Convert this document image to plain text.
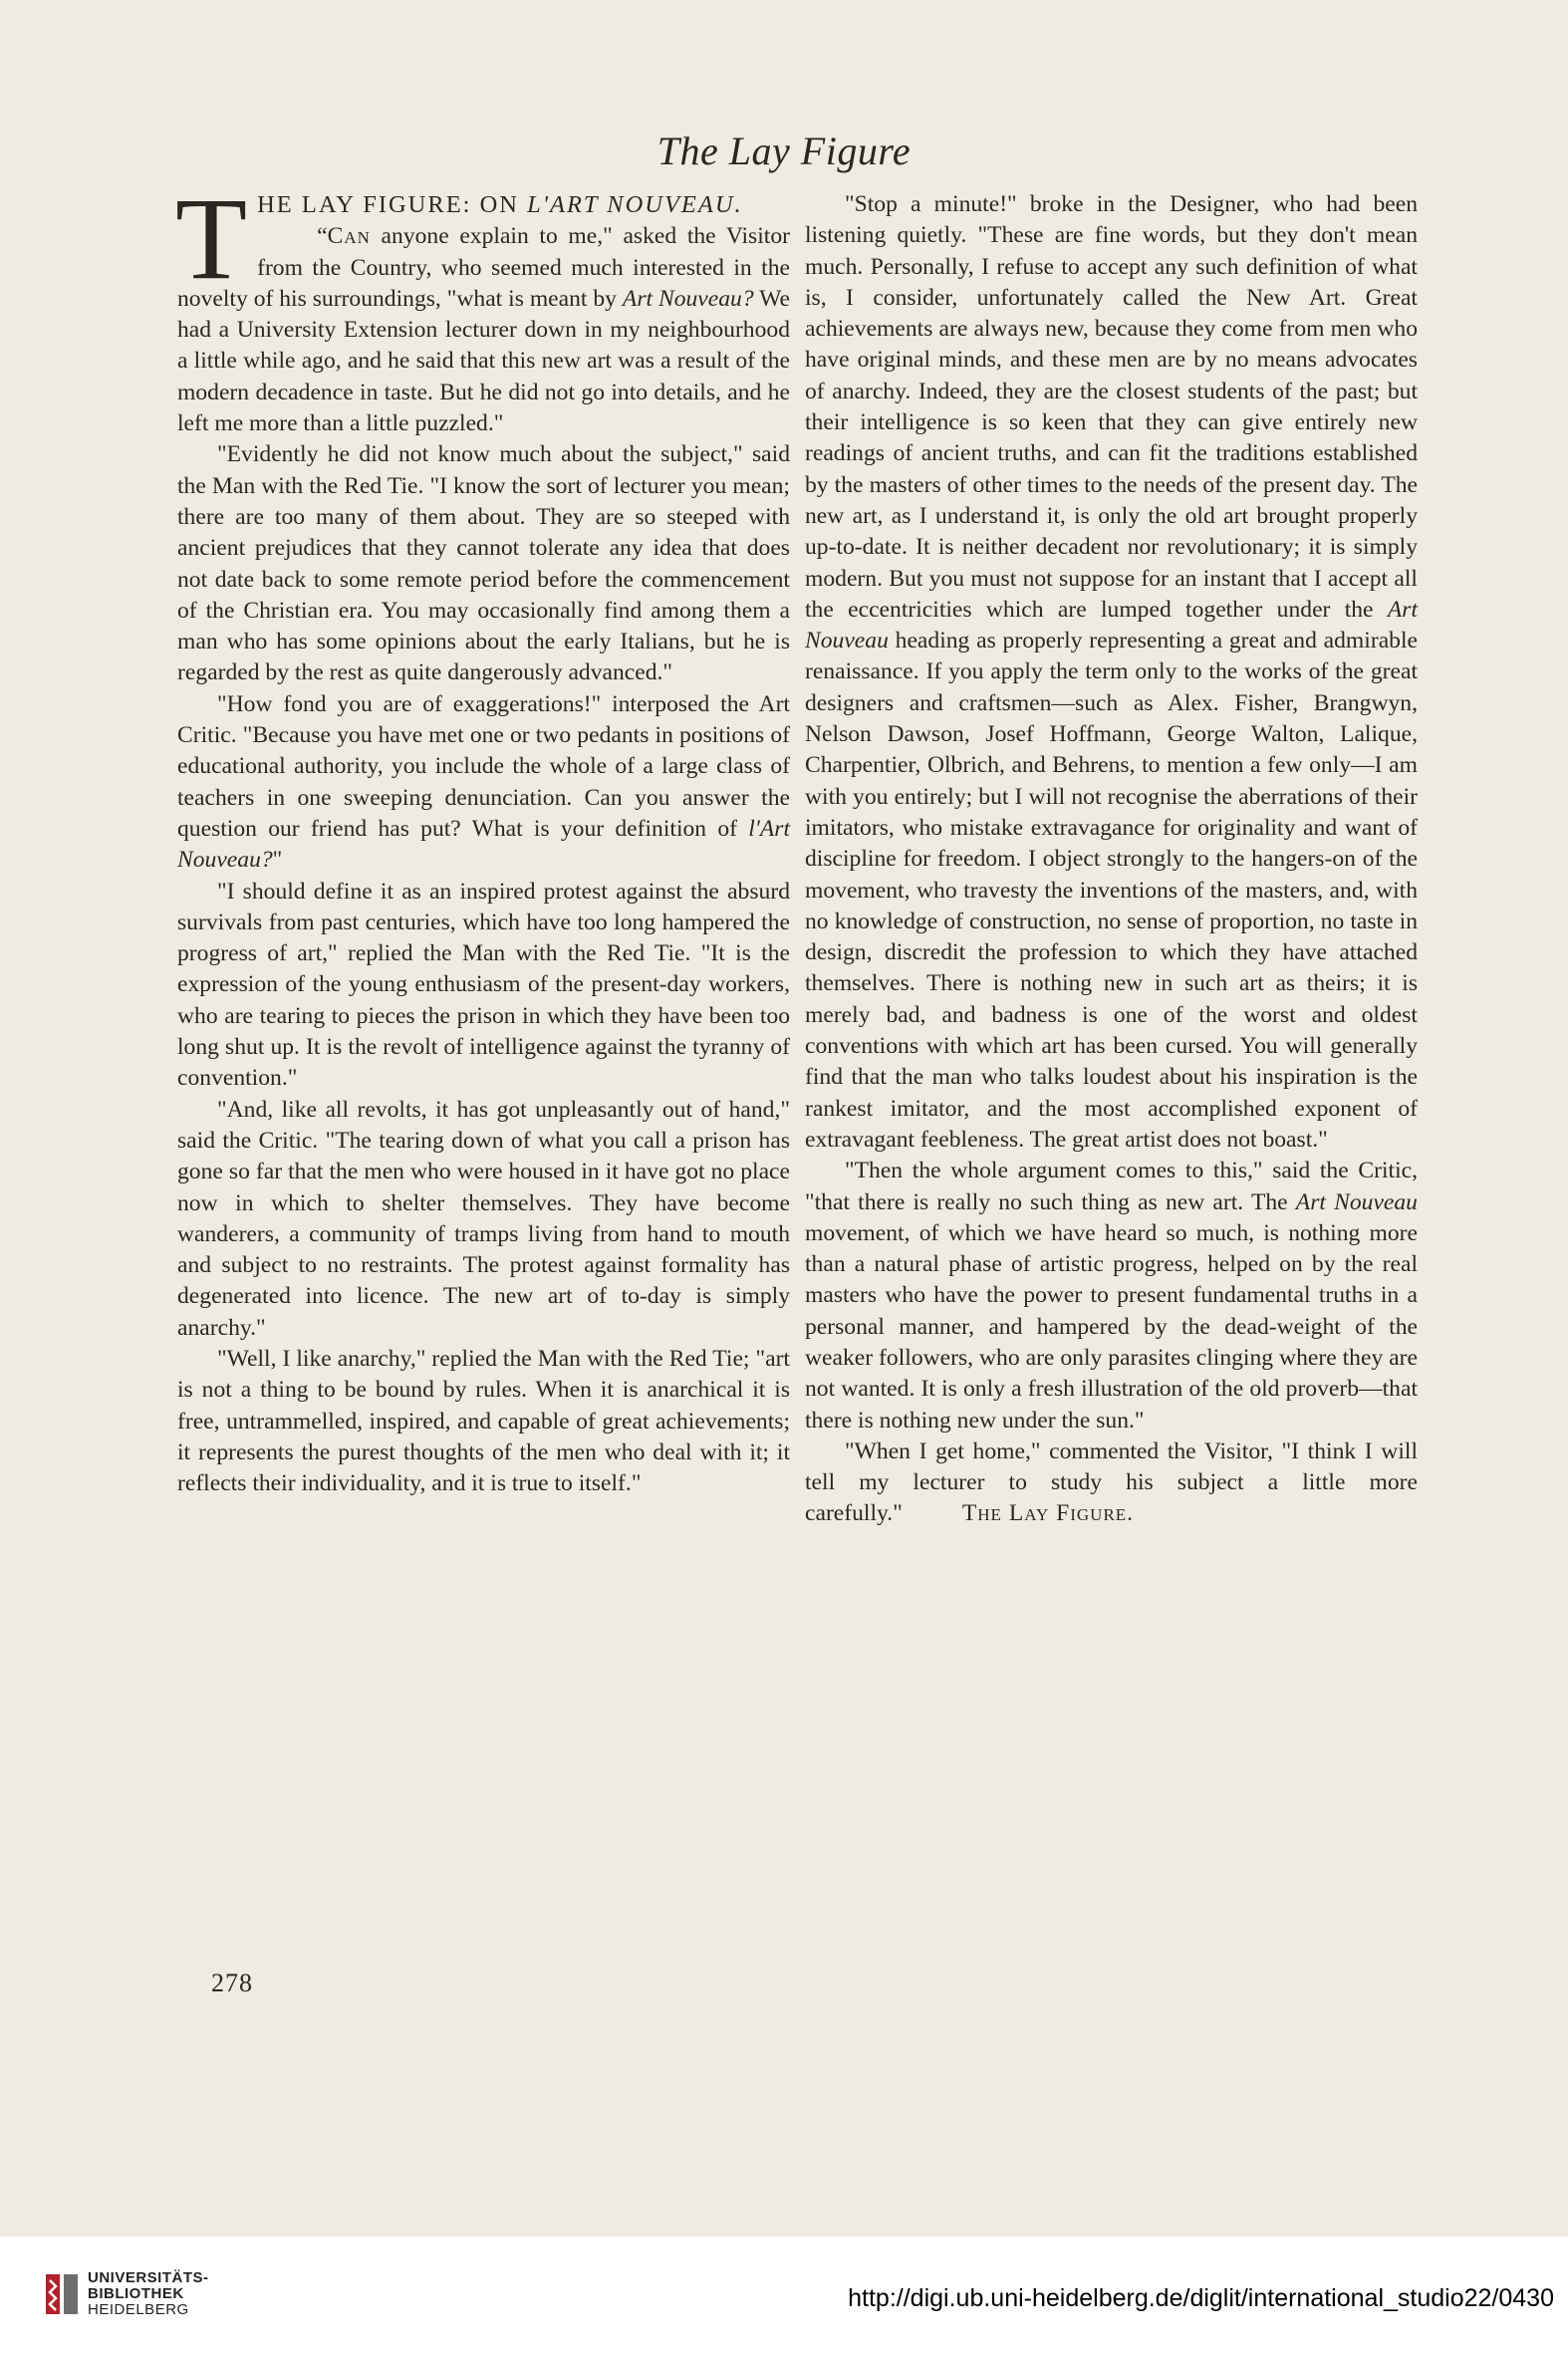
The Lay Figure

THE LAY FIGURE: ON L'ART NOUVEAU.

“Can anyone explain to me," asked the Visitor from the Country, who seemed much interested in the novelty of his surroundings, "what is meant by Art Nouveau? We had a University Extension lecturer down in my neighbourhood a little while ago, and he said that this new art was a result of the modern decadence in taste. But he did not go into details, and he left me more than a little puzzled."

"Evidently he did not know much about the subject," said the Man with the Red Tie. "I know the sort of lecturer you mean; there are too many of them about. They are so steeped with ancient prejudices that they cannot tolerate any idea that does not date back to some remote period before the commencement of the Christian era. You may occasionally find among them a man who has some opinions about the early Italians, but he is regarded by the rest as quite dangerously advanced."

"How fond you are of exaggerations!" interposed the Art Critic. "Because you have met one or two pedants in positions of educational authority, you include the whole of a large class of teachers in one sweeping denunciation. Can you answer the question our friend has put? What is your definition of l'Art Nouveau?"

"I should define it as an inspired protest against the absurd survivals from past centuries, which have too long hampered the progress of art," replied the Man with the Red Tie. "It is the expression of the young enthusiasm of the present-day workers, who are tearing to pieces the prison in which they have been too long shut up. It is the revolt of intelligence against the tyranny of convention."

"And, like all revolts, it has got unpleasantly out of hand," said the Critic. "The tearing down of what you call a prison has gone so far that the men who were housed in it have got no place now in which to shelter themselves. They have become wanderers, a community of tramps living from hand to mouth and subject to no restraints. The protest against formality has degenerated into licence. The new art of to-day is simply anarchy."

"Well, I like anarchy," replied the Man with the Red Tie; "art is not a thing to be bound by rules. When it is anarchical it is free, untrammelled, inspired, and capable of great achievements; it represents the purest thoughts of the men who deal with it; it reflects their individuality, and it is true to itself."

"Stop a minute!" broke in the Designer, who had been listening quietly. "These are fine words, but they don't mean much. Personally, I refuse to accept any such definition of what is, I consider, unfortunately called the New Art. Great achievements are always new, because they come from men who have original minds, and these men are by no means advocates of anarchy. Indeed, they are the closest students of the past; but their intelligence is so keen that they can give entirely new readings of ancient truths, and can fit the traditions established by the masters of other times to the needs of the present day. The new art, as I understand it, is only the old art brought properly up-to-date. It is neither decadent nor revolutionary; it is simply modern. But you must not suppose for an instant that I accept all the eccentricities which are lumped together under the Art Nouveau heading as properly representing a great and admirable renaissance. If you apply the term only to the works of the great designers and craftsmen—such as Alex. Fisher, Brangwyn, Nelson Dawson, Josef Hoffmann, George Walton, Lalique, Charpentier, Olbrich, and Behrens, to mention a few only—I am with you entirely; but I will not recognise the aberrations of their imitators, who mistake extravagance for originality and want of discipline for freedom. I object strongly to the hangers-on of the movement, who travesty the inventions of the masters, and, with no knowledge of construction, no sense of proportion, no taste in design, discredit the profession to which they have attached themselves. There is nothing new in such art as theirs; it is merely bad, and badness is one of the worst and oldest conventions with which art has been cursed. You will generally find that the man who talks loudest about his inspiration is the rankest imitator, and the most accomplished exponent of extravagant feebleness. The great artist does not boast."

"Then the whole argument comes to this," said the Critic, "that there is really no such thing as new art. The Art Nouveau movement, of which we have heard so much, is nothing more than a natural phase of artistic progress, helped on by the real masters who have the power to present fundamental truths in a personal manner, and hampered by the dead-weight of the weaker followers, who are only parasites clinging where they are not wanted. It is only a fresh illustration of the old proverb—that there is nothing new under the sun."

"When I get home," commented the Visitor, "I think I will tell my lecturer to study his subject a little more carefully."	The Lay Figure.

278
UNIVERSITÄTS-
BIBLIOTHEK
HEIDELBERG	http://digi.ub.uni-heidelberg.de/diglit/international_studio22/0430
